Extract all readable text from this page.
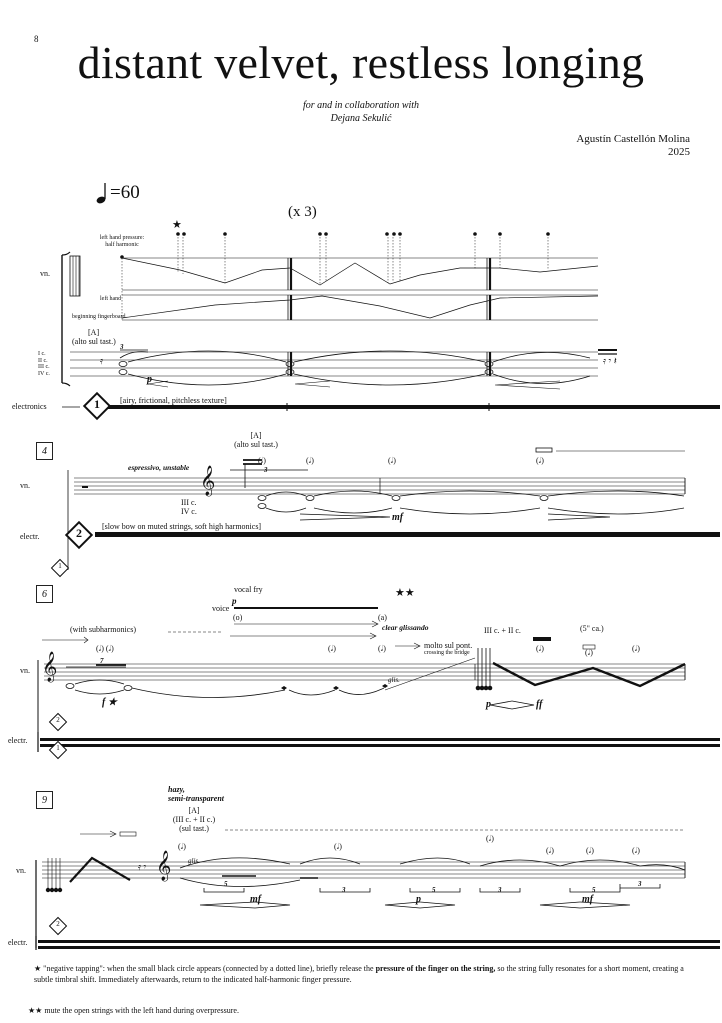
8 distant velvet, restless longing
for and in collaboration with
Dejana Sekulić
Agustín Castellón Molina
2025
=60
(x 3)
★
left hand pressure:
half harmonic
vn.
left hand
beginning fingerboard
[A]
(alto sul tast.)
I c.
II c.
III c.
IV c.
3
p
𝄿	𝄿 𝄾 𝄽
electronics	1	[airy, frictional, pitchless texture]
4
[A]
(alto sul tast.)
espressivo, unstable
vn.	𝄞
III c.
IV c.
3
mf
(𝅗𝅥)	(𝅗𝅥)	(𝅗𝅥)	(𝅗𝅥)
electr.	2
1
[slow bow on muted strings, soft high harmonics]
6	vocal fry
p
voice
(o)	(a)
★★
(with subharmonics)	clear glissando
molto sul pont.
crossing the bridge
III c. + II c.	(5" ca.)
vn. 𝄞	7
f ★
glis.
p	ff
(𝅗𝅥) (𝅗𝅥)	(𝅗𝅥)	(𝅗𝅥)	(𝅗𝅥)	(𝅗𝅥)	(𝅗𝅥)
electr.
2
1
9
hazy,
semi-transparent
[A]
(III c. + II c.)
(sul tast.)
vn.	𝄞
𝄿 𝄾
glis.
5
3	5	3	5
3
mf	p	mf
(𝅗𝅥)	(𝅗𝅥)
(𝅗𝅥)
(𝅗𝅥)	(𝅗𝅥)	(𝅗𝅥)
electr.
2
★ "negative tapping": when the small black circle appears (connected by a dotted line), briefly release the pressure of the finger on the string, so the string fully resonates for a short moment, creating a subtle timbral shift. Immediately afterwaards, return to the indicated half-harmonic finger pressure.
★★ mute the open strings with the left hand during overpressure.
